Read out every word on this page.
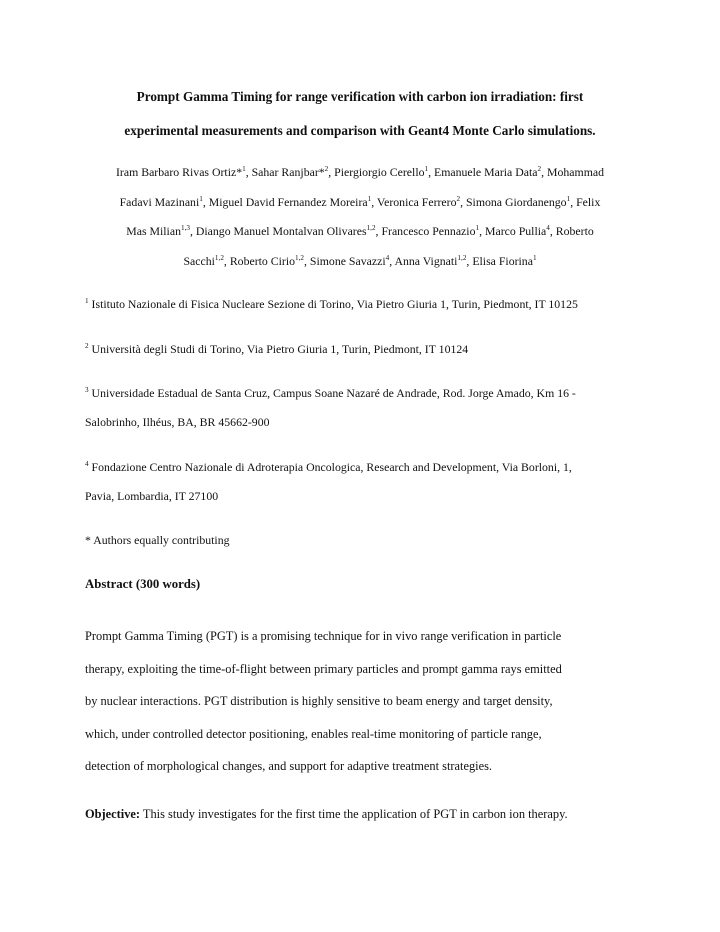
Prompt Gamma Timing for range verification with carbon ion irradiation: first
experimental measurements and comparison with Geant4 Monte Carlo simulations.
Iram Barbaro Rivas Ortiz*$^1$, Sahar Ranjbar*$^2$, Piergiorgio Cerello$^1$, Emanuele Maria Data$^2$, Mohammad
Fadavi Mazinani$^1$, Miguel David Fernandez Moreira$^1$, Veronica Ferrero$^2$, Simona Giordanengo$^1$, Felix
Mas Milian$^{1,3}$, Diango Manuel Montalvan Olivares$^{1,2}$, Francesco Pennazio$^1$, Marco Pullia$^4$, Roberto
Sacchi$^{1,2}$, Roberto Cirio$^{1,2}$, Simone Savazzi$^4$, Anna Vignati$^{1,2}$, Elisa Fiorina$^1$
$^1$ Istituto Nazionale di Fisica Nucleare Sezione di Torino, Via Pietro Giuria 1, Turin, Piedmont, IT 10125
$^2$ Università degli Studi di Torino, Via Pietro Giuria 1, Turin, Piedmont, IT 10124
$^3$ Universidade Estadual de Santa Cruz, Campus Soane Nazaré de Andrade, Rod. Jorge Amado, Km 16 -
Salobrinho, Ilhéus, BA, BR 45662-900
$^4$ Fondazione Centro Nazionale di Adroterapia Oncologica, Research and Development, Via Borloni, 1,
Pavia, Lombardia, IT 27100
* Authors equally contributing
Abstract (300 words)
Prompt Gamma Timing (PGT) is a promising technique for in vivo range verification in particle
therapy, exploiting the time-of-flight between primary particles and prompt gamma rays emitted
by nuclear interactions. PGT distribution is highly sensitive to beam energy and target density,
which, under controlled detector positioning, enables real-time monitoring of particle range,
detection of morphological changes, and support for adaptive treatment strategies.
Objective: This study investigates for the first time the application of PGT in carbon ion therapy.
